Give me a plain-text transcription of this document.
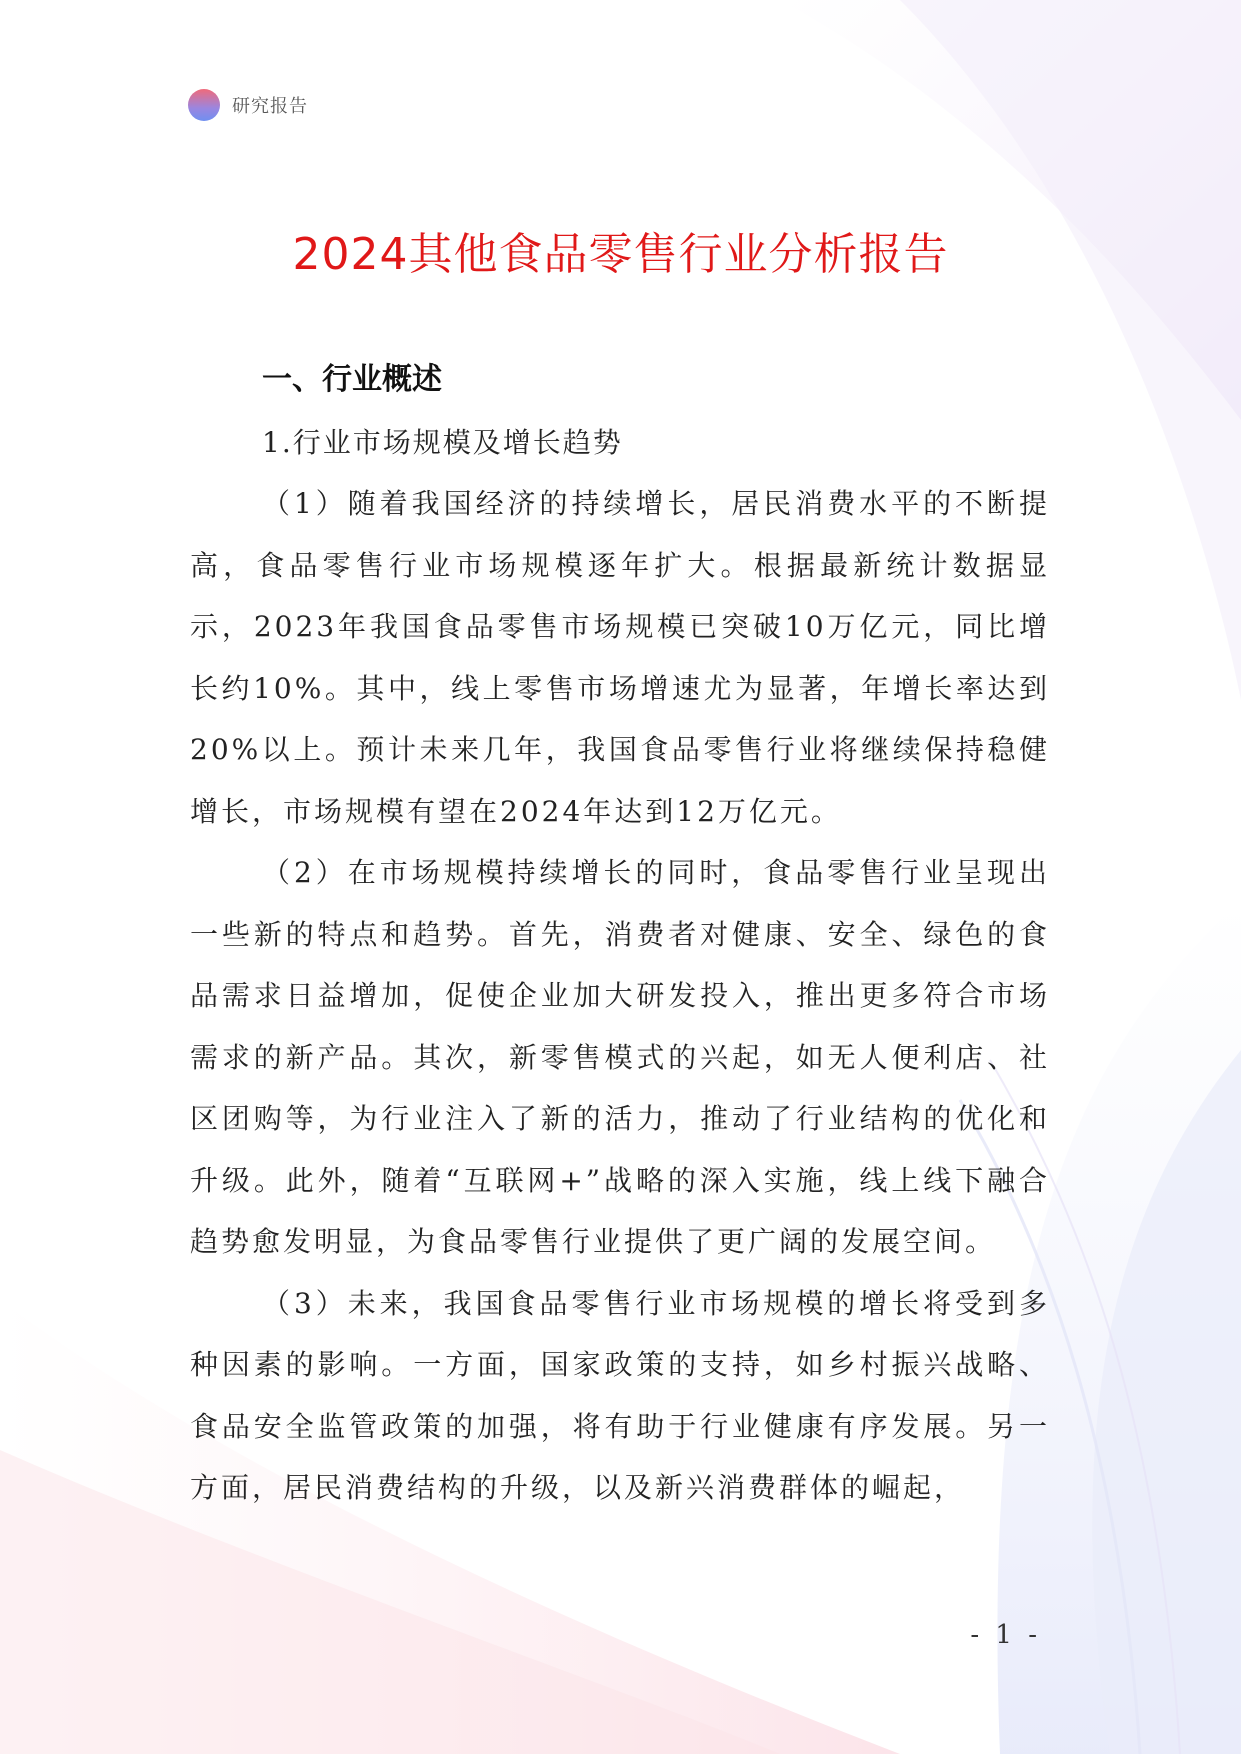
研究报告
2024其他食品零售行业分析报告
一、行业概述
1.行业市场规模及增长趋势

（1）随着我国经济的持续增长，居民消费水平的不断提高，食品零售行业市场规模逐年扩大。根据最新统计数据显示，2023年我国食品零售市场规模已突破10万亿元，同比增长约10%。其中，线上零售市场增速尤为显著，年增长率达到20%以上。预计未来几年，我国食品零售行业将继续保持稳健增长，市场规模有望在2024年达到12万亿元。

（2）在市场规模持续增长的同时，食品零售行业呈现出一些新的特点和趋势。首先，消费者对健康、安全、绿色的食品需求日益增加，促使企业加大研发投入，推出更多符合市场需求的新产品。其次，新零售模式的兴起，如无人便利店、社区团购等，为行业注入了新的活力，推动了行业结构的优化和升级。此外，随着“互联网+”战略的深入实施，线上线下融合趋势愈发明显，为食品零售行业提供了更广阔的发展空间。

（3）未来，我国食品零售行业市场规模的增长将受到多种因素的影响。一方面，国家政策的支持，如乡村振兴战略、食品安全监管政策的加强，将有助于行业健康有序发展。另一方面，居民消费结构的升级，以及新兴消费群体的崛起，

- 1 -
